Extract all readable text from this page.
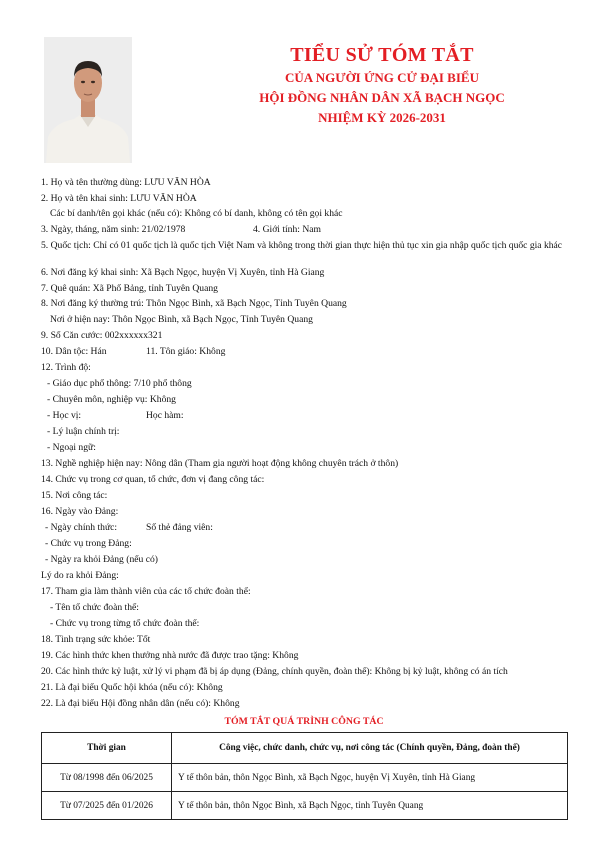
TIỂU SỬ TÓM TẮT
CỦA NGƯỜI ỨNG CỬ ĐẠI BIỂU
HỘI ĐỒNG NHÂN DÂN XÃ BẠCH NGỌC
NHIỆM KỲ 2026-2031
1. Họ và tên thường dùng: LƯU VĂN HÒA
2. Họ và tên khai sinh: LƯU VĂN HÒA
Các bí danh/tên gọi khác (nếu có): Không có bí danh, không có tên gọi khác
3. Ngày, tháng, năm sinh: 21/02/1978	4. Giới tính: Nam
5. Quốc tịch: Chỉ có 01 quốc tịch là quốc tịch Việt Nam và không trong thời gian thực hiện thủ tục xin gia nhập quốc tịch quốc gia khác
6. Nơi đăng ký khai sinh: Xã Bạch Ngọc, huyện Vị Xuyên, tỉnh Hà Giang
7. Quê quán: Xã Phố Bảng, tỉnh Tuyên Quang
8. Nơi đăng ký thường trú: Thôn Ngọc Bình, xã Bạch Ngọc, Tỉnh Tuyên Quang
Nơi ở hiện nay: Thôn Ngọc Bình, xã Bạch Ngọc, Tỉnh Tuyên Quang
9. Số Căn cước: 002xxxxxx321
10. Dân tộc: Hán	11. Tôn giáo: Không
12. Trình độ:
- Giáo dục phổ thông: 7/10 phổ thông
- Chuyên môn, nghiệp vụ: Không
- Học vị:	Học hàm:
- Lý luận chính trị:
- Ngoại ngữ:
13. Nghề nghiệp hiện nay: Nông dân (Tham gia người hoạt động không chuyên trách ở thôn)
14. Chức vụ trong cơ quan, tổ chức, đơn vị đang công tác:
15. Nơi công tác:
16. Ngày vào Đảng:
- Ngày chính thức:	Số thẻ đảng viên:
- Chức vụ trong Đảng:
- Ngày ra khỏi Đảng (nếu có)
Lý do ra khỏi Đảng:
17. Tham gia làm thành viên của các tổ chức đoàn thể:
- Tên tổ chức đoàn thể:
- Chức vụ trong từng tổ chức đoàn thể:
18. Tình trạng sức khỏe: Tốt
19. Các hình thức khen thưởng nhà nước đã được trao tặng: Không
20. Các hình thức kỷ luật, xử lý vi phạm đã bị áp dụng (Đảng, chính quyền, đoàn thể): Không bị kỷ luật, không có án tích
21. Là đại biểu Quốc hội khóa (nếu có): Không
22. Là đại biểu Hội đồng nhân dân (nếu có): Không
TÓM TẮT QUÁ TRÌNH CÔNG TÁC
Thời gian	Công việc, chức danh, chức vụ, nơi công tác (Chính quyền, Đảng, đoàn thể)
Từ 08/1998 đến 06/2025	Y tế thôn bản, thôn Ngọc Bình, xã Bạch Ngọc, huyện Vị Xuyên, tỉnh Hà Giang
Từ 07/2025 đến 01/2026	Y tế thôn bản, thôn Ngọc Bình, xã Bạch Ngọc, tỉnh Tuyên Quang
